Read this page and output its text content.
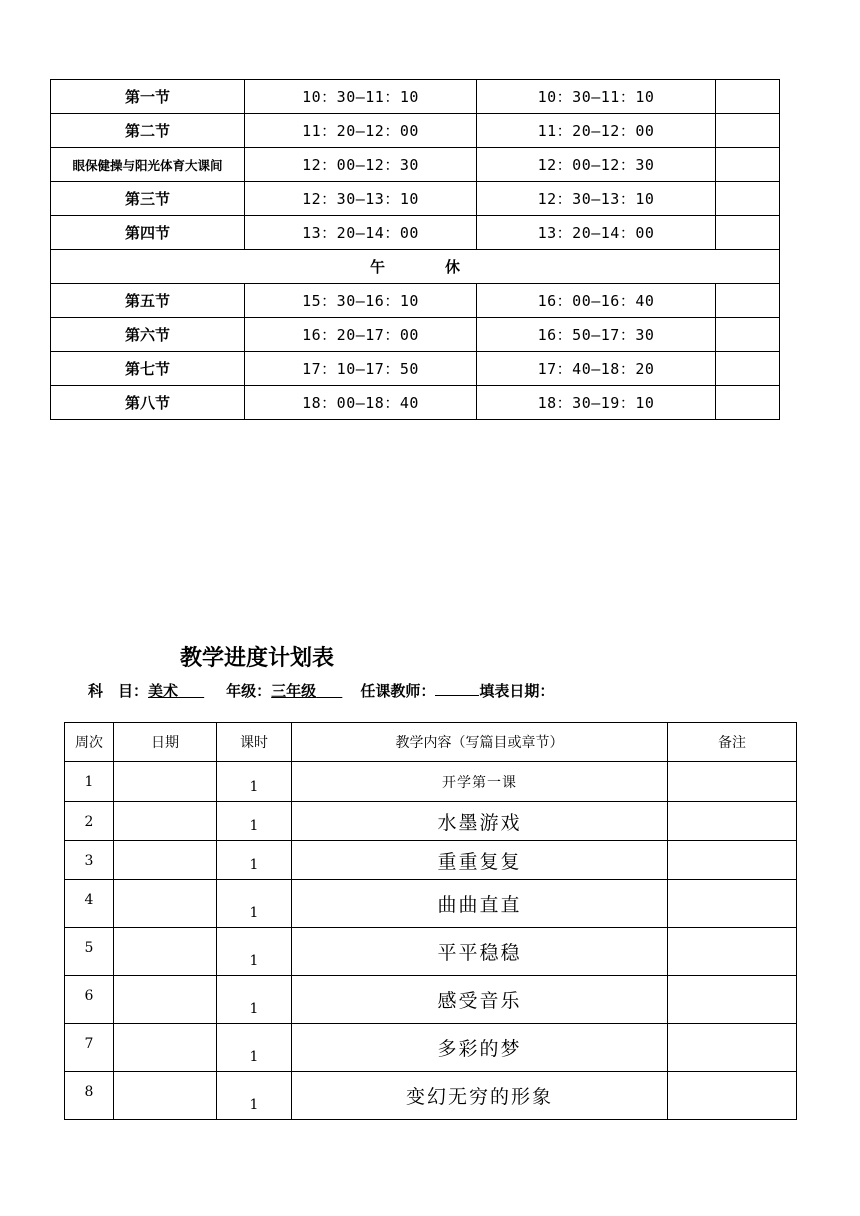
第一节	10：30—11：10	10：30—11：10	
第二节	11：20—12：00	11：20—12：00	
眼保健操与阳光体育大课间	12：00—12：30	12：00—12：30	
第三节	12：30—13：10	12：30—13：10	
第四节	13：20—14：00	13：20—14：00	
午 休			
第五节	15：30—16：10	16：00—16：40	
第六节	16：20—17：00	16：50—17：30	
第七节	17：10—17：50	17：40—18：20	
第八节	18：00—18：40	18：30—19：10	
教学进度计划表
科　目：美术	年级：三年级	任课教师：	填表日期：
周次	日期	课时	教学内容（写篇目或章节）	备注
1		1	开学第一课	
2		1	水墨游戏	
3		1	重重复复	
4		1	曲曲直直	
5		1	平平稳稳	
6		1	感受音乐	
7		1	多彩的梦	
8		1	变幻无穷的形象	
